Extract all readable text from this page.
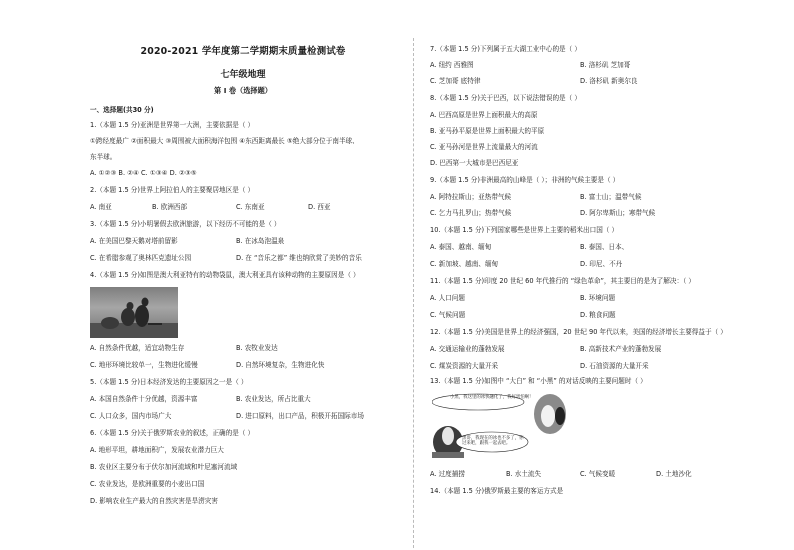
2020-2021 学年度第二学期期末质量检测试卷
七年级地理
第 I 卷（选择题）
一、选择题(共30 分)
1.（本题 1.5 分)亚洲是世界第一大洲，主要依据是（ ）
①跨经度最广 ②面积最大 ③周围被大面积海洋包围 ④东西距离最长 ⑤绝大部分位于南半球、
东半球。
A. ①②③ B. ②④ C. ①③④ D. ②③⑤
2.（本题 1.5 分)世界上阿拉伯人的主要聚居地区是（ ）
A. 南亚	B. 欧洲西部	C. 东南亚	D. 西亚
3.（本题 1.5 分)小明暑假去欧洲旅游，以下经历不可能的是（ ）
A. 在美国巴黎天鹅对塔前留影	B. 在冰岛泡温泉
C. 在希腊参观了奥林匹克遗址公园	D. 在 “音乐之都” 维也纳欣赏了美妙的音乐
4.（本题 1.5 分)如图是澳大利亚特有的动物袋鼠，澳大利亚具有该种动物的主要原因是（ ）
A. 自然条件优越，适宜动物生存	B. 农牧业发达
C. 地形环境比较单一，生物进化缓慢	D. 自然环境复杂，生物进化快
5.（本题 1.5 分)日本经济发达的主要原因之一是（ ）
A. 本国自然条件十分优越，资源丰富	B. 农业发达，所占比重大
C. 人口众多，国内市场广大	D. 进口原料，出口产品，积极开拓国际市场
6.（本题 1.5 分)关于俄罗斯农业的叙述，正确的是（ ）
A. 地形平坦，耕地面积广，发展农业潜力巨大
B. 农业区主要分布于伏尔加河流域和叶尼塞河流域
C. 农业发达，是欧洲重要的小麦出口国
D. 影响农业生产最大的自然灾害是旱涝灾害
7.（本题 1.5 分)下列属于五大湖工业中心的是（ ）
A. 纽约 西雅图	B. 洛杉矶 芝加哥
C. 芝加哥 底特律	D. 洛杉矶 新奥尔良
8.（本题 1.5 分)关于巴西，以下说法错误的是（ ）
A. 巴西高原是世界上面积最大的高原
B. 亚马孙平原是世界上面积最大的平原
C. 亚马孙河是世界上流量最大的河流
D. 巴西第一大城市是巴西尼亚
9.（本题 1.5 分)非洲最高的山峰是（ ）；非洲的气候主要是（ ）
A. 阿特拉斯山；亚热带气候	B. 富士山；温带气候
C. 乞力马扎罗山；热带气候	D. 阿尔卑斯山；寒带气候
10.（本题 1.5 分)下列国家哪些是世界上主要的稻米出口国（ ）
A. 泰国、越南、缅甸	B. 泰国、日本、
C. 新加坡、越南、缅甸	D. 印尼、不丹
11.（本题 1.5 分)印度 20 世纪 60 年代推行的 “绿色革命”，其主要目的是为了解决：（ ）
A. 人口问题	B. 环境问题
C. 气候问题	D. 粮食问题
12.（本题 1.5 分)美国是世界上的经济强国，20 世纪 90 年代以来，美国的经济增长主要得益于（ ）
A. 交通运输业的蓬勃发展	B. 高新技术产业的蓬勃发展
C. 煤炭资源的大量开采	D. 石油资源的大量开采
13.（本题 1.5 分)如图中 “大白” 和 “小黑” 的对话反映的主要问题时（ ）
小黑，我这里的冰快融化了，我好害怕啊！
黑哥，我现在的冰也不多了，你过来吧，跟我一起去吧。
A. 过度捕捞	B. 水土流失	C. 气候变暖	D. 土地沙化
14.（本题 1.5 分)俄罗斯最主要的客运方式是
